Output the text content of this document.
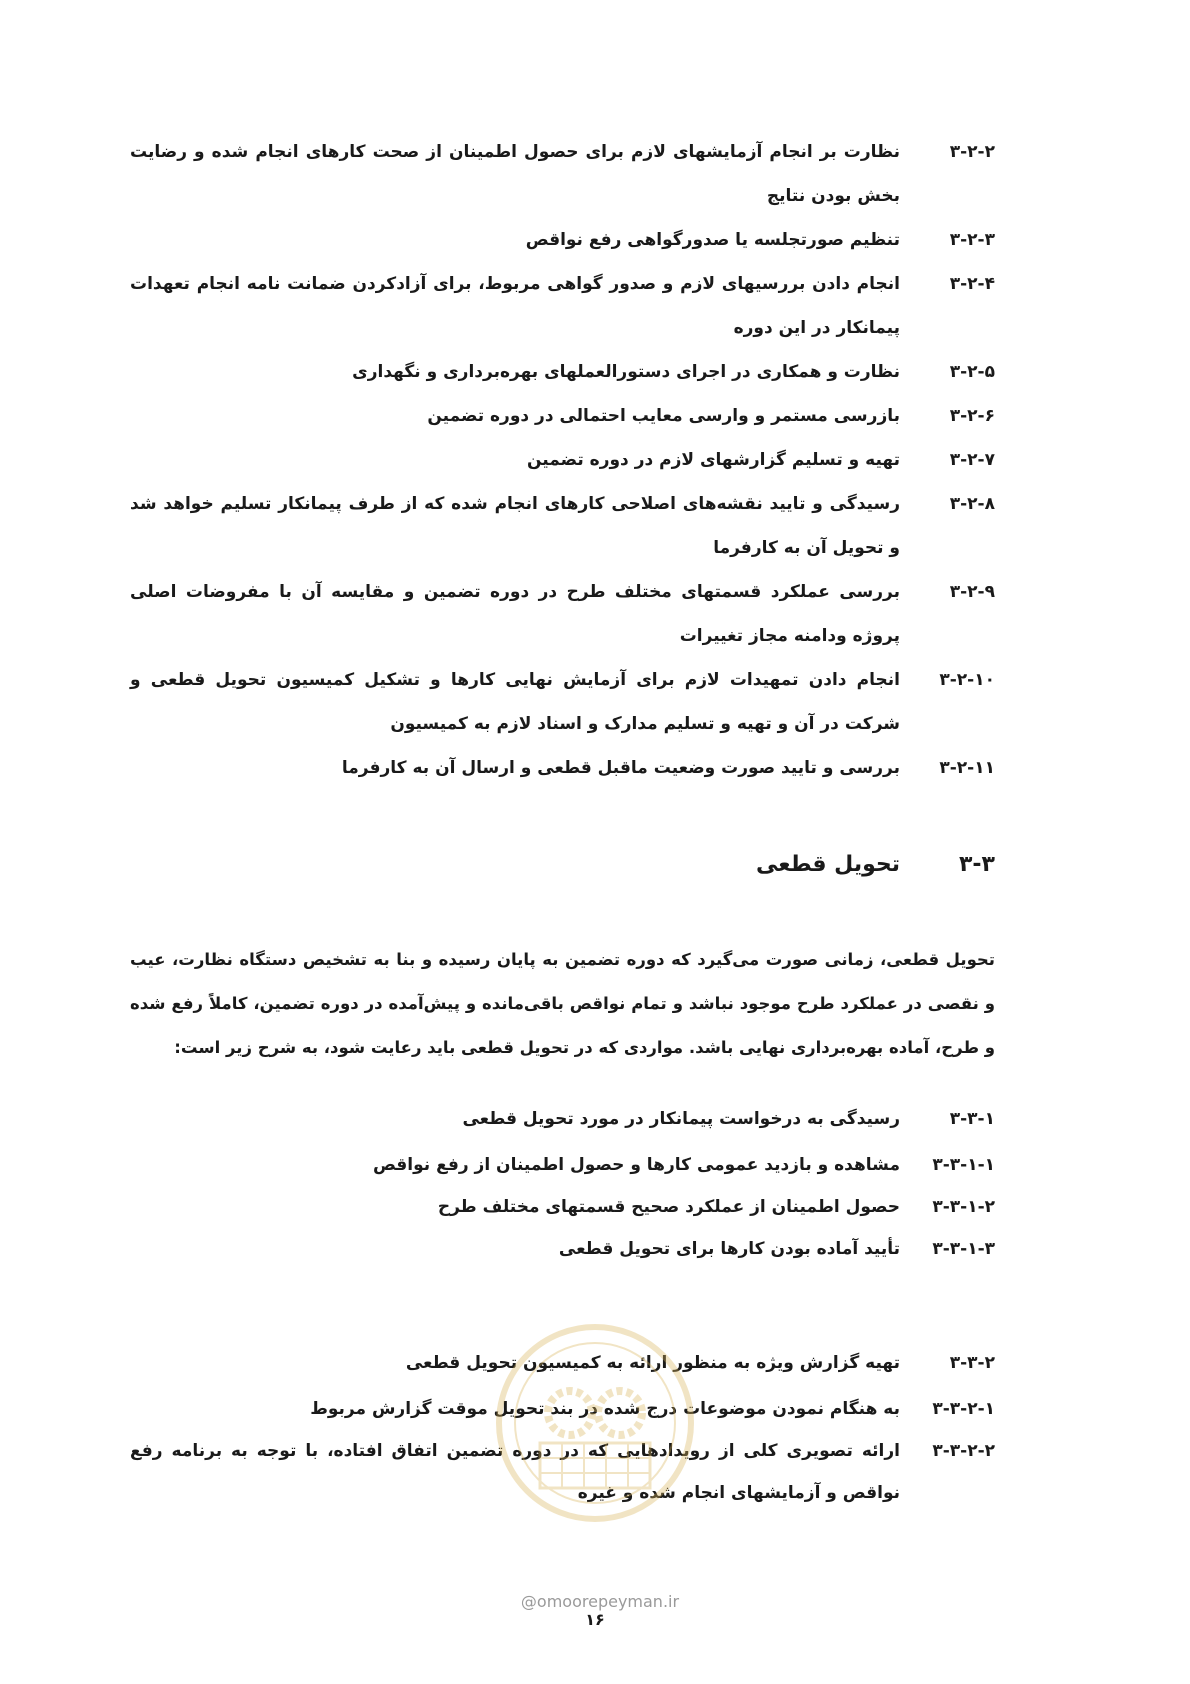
۳-۲-۲
نظارت بر انجام آزمایشهای لازم برای حصول اطمینان از صحت کارهای انجام شده و رضایت بخش بودن نتایج
۳-۲-۳
تنظیم صورتجلسه یا صدورگواهی رفع نواقص
۳-۲-۴
انجام دادن بررسیهای لازم و صدور گواهی مربوط، برای آزادکردن ضمانت نامه انجام تعهدات پیمانکار در این دوره
۳-۲-۵
نظارت و همکاری در اجرای دستورالعملهای بهره‌برداری و نگهداری
۳-۲-۶
بازرسی مستمر و وارسی معایب احتمالی در دوره تضمین
۳-۲-۷
تهیه و تسلیم گزارشهای لازم در دوره تضمین
۳-۲-۸
رسیدگی و تایید نقشه‌های اصلاحی کارهای انجام شده که از طرف پیمانکار تسلیم خواهد شد و تحویل آن به کارفرما
۳-۲-۹
بررسی عملکرد قسمتهای مختلف طرح در دوره تضمین و مقایسه آن با مفروضات اصلی پروژه ودامنه مجاز تغییرات
۳-۲-۱۰
انجام دادن تمهیدات لازم برای آزمایش نهایی کارها و تشکیل کمیسیون تحویل قطعی و شرکت در آن و تهیه و تسلیم مدارک و اسناد لازم به کمیسیون
۳-۲-۱۱
بررسی و تایید صورت وضعیت ماقبل قطعی و ارسال آن به کارفرما
۳-۳
تحویل قطعی
تحویل قطعی، زمانی صورت می‌گیرد که دوره تضمین به پایان رسیده و بنا به تشخیص دستگاه نظارت، عیب و نقصی در عملکرد طرح موجود نباشد و تمام نواقص باقی‌مانده و پیش‌آمده در دوره تضمین، کاملاً رفع شده و طرح، آماده بهره‌برداری نهایی باشد. مواردی که در تحویل قطعی باید رعایت شود، به شرح زیر است:
۳-۳-۱
رسیدگی به درخواست پیمانکار در مورد تحویل قطعی
۳-۳-۱-۱
مشاهده و بازدید عمومی کارها و حصول اطمینان از رفع نواقص
۳-۳-۱-۲
حصول اطمینان از عملکرد صحیح قسمتهای مختلف طرح
۳-۳-۱-۳
تأیید آماده بودن کارها برای تحویل قطعی
۳-۳-۲
تهیه گزارش ویژه به منظور ارائه به کمیسیون تحویل قطعی
۳-۳-۲-۱
به هنگام نمودن موضوعات درج شده در بند تحویل موقت گزارش مربوط
۳-۳-۲-۲
ارائه تصویری کلی از رویدادهایی که در دوره تضمین اتفاق افتاده، با توجه به برنامه رفع نواقص و آزمایشهای انجام شده و غیره
@omoorepeyman.ir
۱۶
